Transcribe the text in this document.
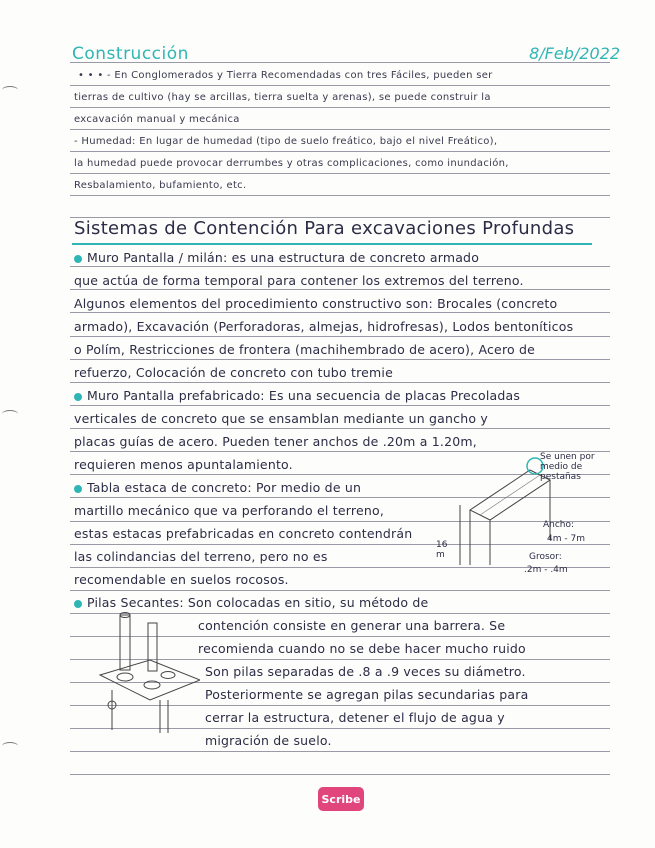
Construcción	8/Feb/2022
• • • - En Conglomerados y Tierra Recomendadas con tres Fáciles, pueden ser
tierras de cultivo (hay se arcillas, tierra suelta y arenas), se puede construir la
excavación manual y mecánica
- Humedad: En lugar de humedad (tipo de suelo freático, bajo el nivel Freático),
la humedad puede provocar derrumbes y otras complicaciones, como inundación,
Resbalamiento, bufamiento, etc.
Sistemas de Contención Para excavaciones Profundas
Muro Pantalla / milán: es una estructura de concreto armado
que actúa de forma temporal para contener los extremos del terreno.
Algunos elementos del procedimiento constructivo son: Brocales (concreto
armado), Excavación (Perforadoras, almejas, hidrofresas), Lodos bentoníticos
o Polím, Restricciones de frontera (machihembrado de acero), Acero de
refuerzo, Colocación de concreto con tubo tremie
Muro Pantalla prefabricado: Es una secuencia de placas Precoladas
verticales de concreto que se ensamblan mediante un gancho y
placas guías de acero. Pueden tener anchos de .20m a 1.20m,
requieren menos apuntalamiento.
Tabla estaca de concreto: Por medio de un
martillo mecánico que va perforando el terreno,
estas estacas prefabricadas en concreto contendrán
las colindancias del terreno, pero no es
recomendable en suelos rocosos.
Pilas Secantes: Son colocadas en sitio, su método de
contención consiste en generar una barrera. Se
recomienda cuando no se debe hacer mucho ruido
Son pilas separadas de .8 a .9 veces su diámetro.
Posteriormente se agregan pilas secundarias para
cerrar la estructura, detener el flujo de agua y
migración de suelo.
Se unen por medio de pestañas
Ancho:
4m - 7m
Grosor:
.2m - .4m
16 m
Scribe
